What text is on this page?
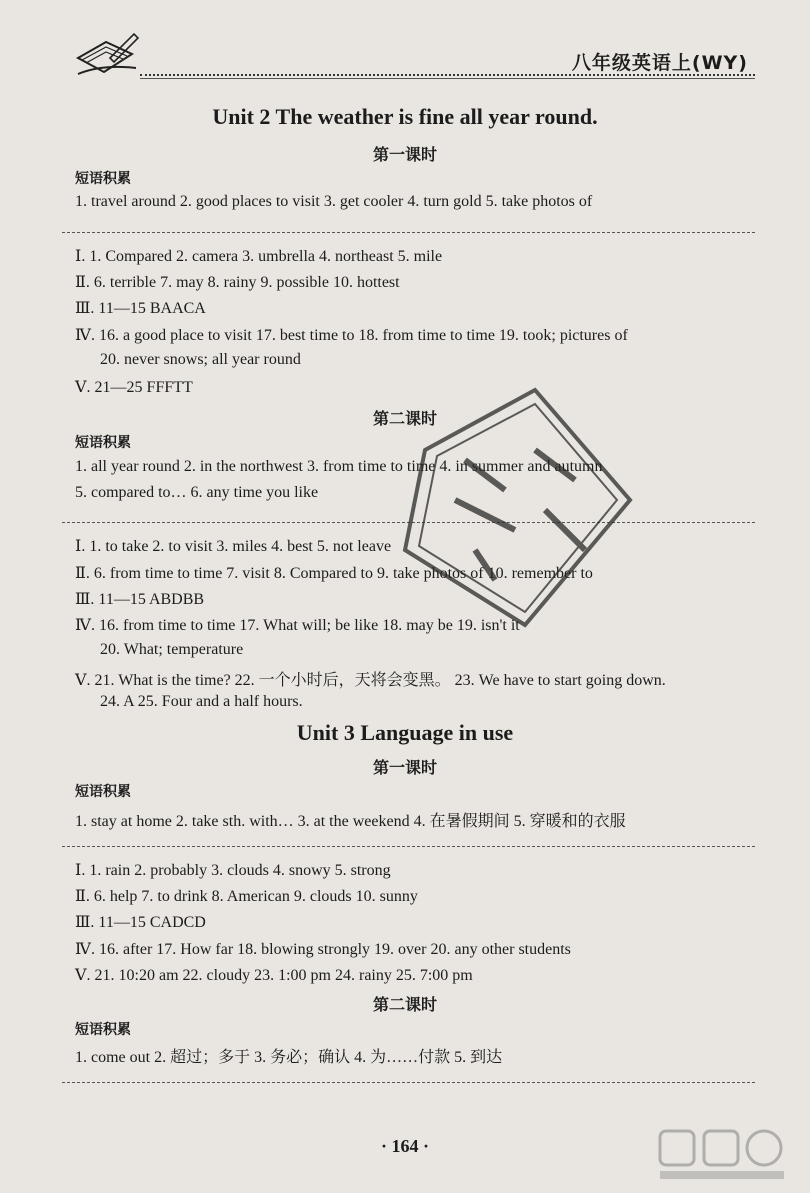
八年级英语上(WY)
Unit 2 The weather is fine all year round.
第一课时
短语积累
1. travel around 2. good places to visit 3. get cooler 4. turn gold 5. take photos of
Ⅰ. 1. Compared 2. camera 3. umbrella 4. northeast 5. mile
Ⅱ. 6. terrible 7. may 8. rainy 9. possible 10. hottest
Ⅲ. 11—15 BAACA
Ⅳ. 16. a good place to visit 17. best time to 18. from time to time 19. took; pictures of
20. never snows; all year round
Ⅴ. 21—25 FFFTT
第二课时
短语积累
1. all year round 2. in the northwest 3. from time to time 4. in summer and autumn
5. compared to… 6. any time you like
Ⅰ. 1. to take 2. to visit 3. miles 4. best 5. not leave
Ⅱ. 6. from time to time 7. visit 8. Compared to 9. take photos of 10. remember to
Ⅲ. 11—15 ABDBB
Ⅳ. 16. from time to time 17. What will; be like 18. may be 19. isn't it
20. What; temperature
Ⅴ. 21. What is the time? 22. 一个小时后，天将会变黑。 23. We have to start going down.
24. A 25. Four and a half hours.
Unit 3 Language in use
第一课时
短语积累
1. stay at home 2. take sth. with… 3. at the weekend 4. 在暑假期间 5. 穿暖和的衣服
Ⅰ. 1. rain 2. probably 3. clouds 4. snowy 5. strong
Ⅱ. 6. help 7. to drink 8. American 9. clouds 10. sunny
Ⅲ. 11—15 CADCD
Ⅳ. 16. after 17. How far 18. blowing strongly 19. over 20. any other students
Ⅴ. 21. 10:20 am 22. cloudy 23. 1:00 pm 24. rainy 25. 7:00 pm
第二课时
短语积累
1. come out 2. 超过；多于 3. 务必；确认 4. 为……付款 5. 到达
· 164 ·
